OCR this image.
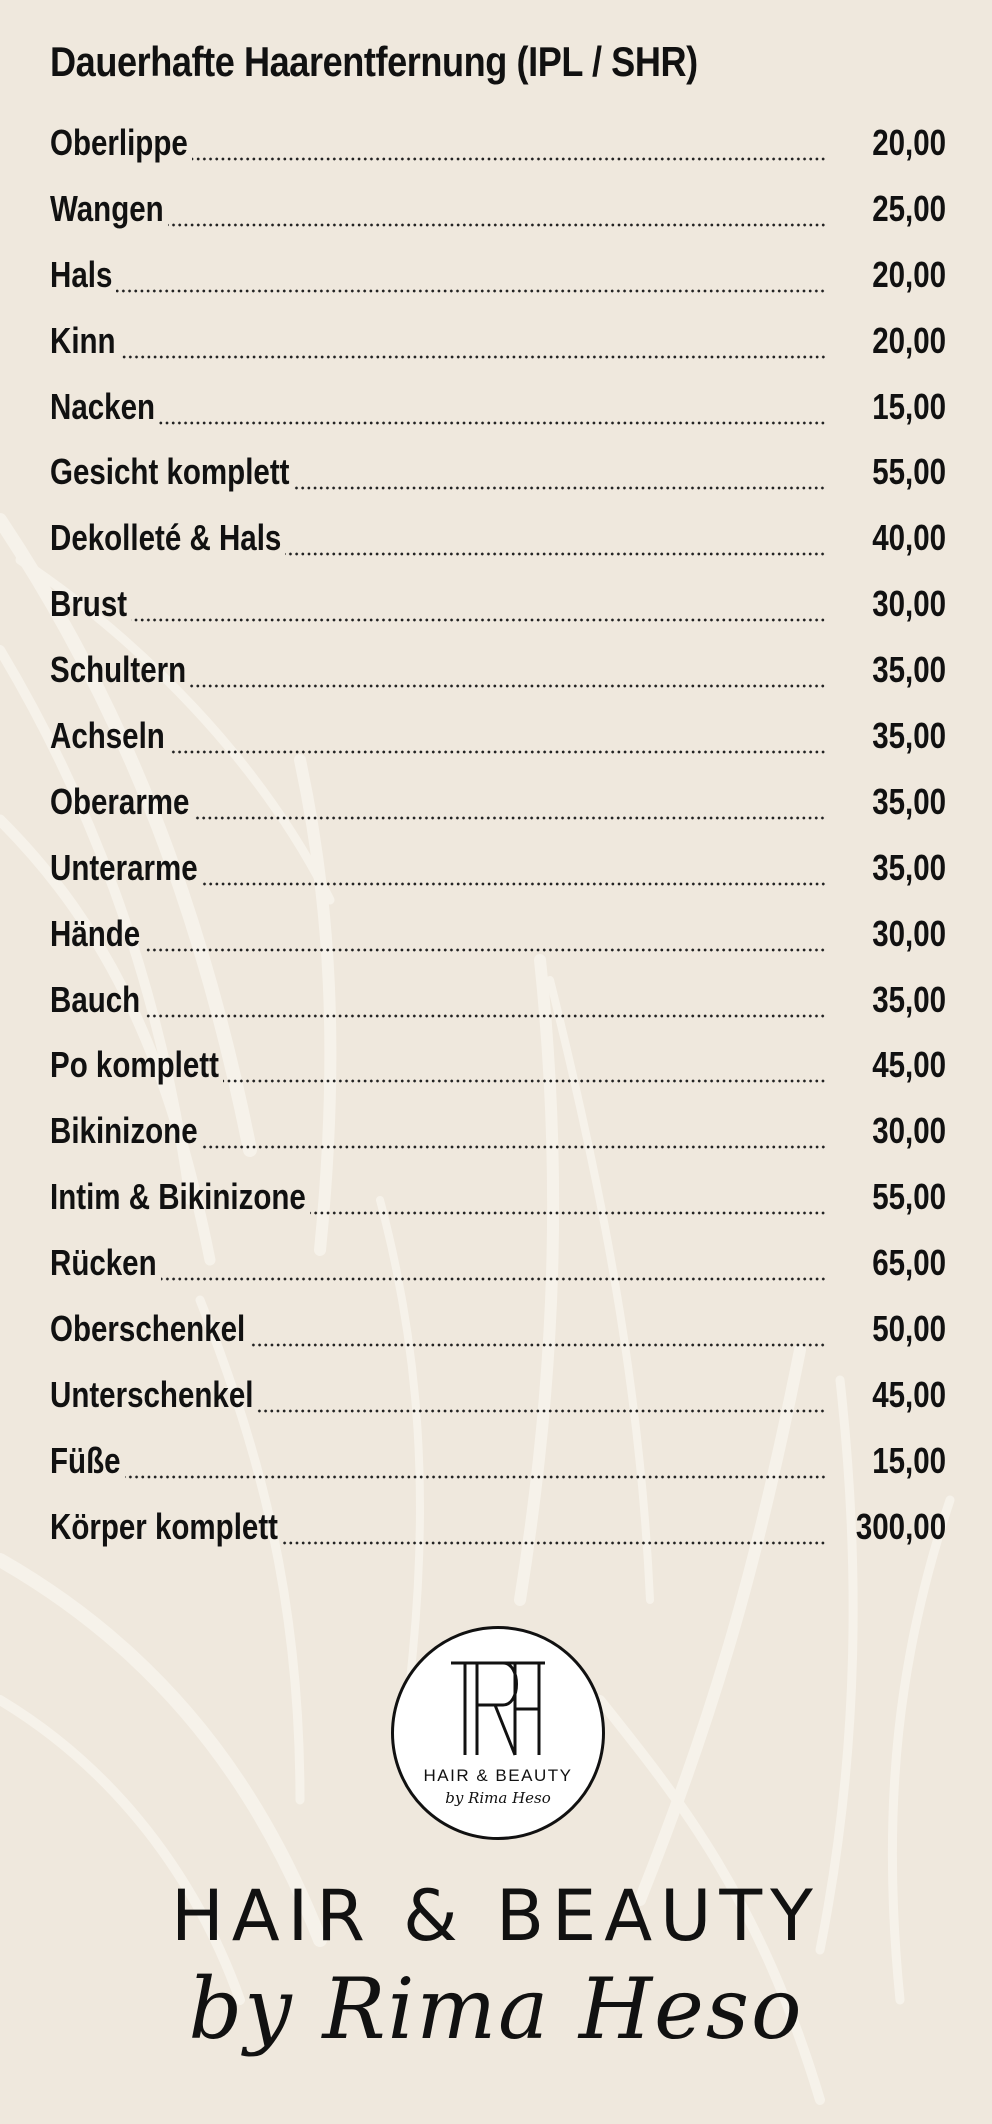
Dauerhafte Haarentfernung (IPL / SHR)
Oberlippe	20,00
Wangen	25,00
Hals	20,00
Kinn	20,00
Nacken	15,00
Gesicht komplett	55,00
Dekolleté & Hals	40,00
Brust	30,00
Schultern	35,00
Achseln	35,00
Oberarme	35,00
Unterarme	35,00
Hände	30,00
Bauch	35,00
Po komplett	45,00
Bikinizone	30,00
Intim & Bikinizone	55,00
Rücken	65,00
Oberschenkel	50,00
Unterschenkel	45,00
Füße	15,00
Körper komplett	300,00
HAIR & BEAUTY
by Rima Heso
HAIR & BEAUTY
by Rima Heso
